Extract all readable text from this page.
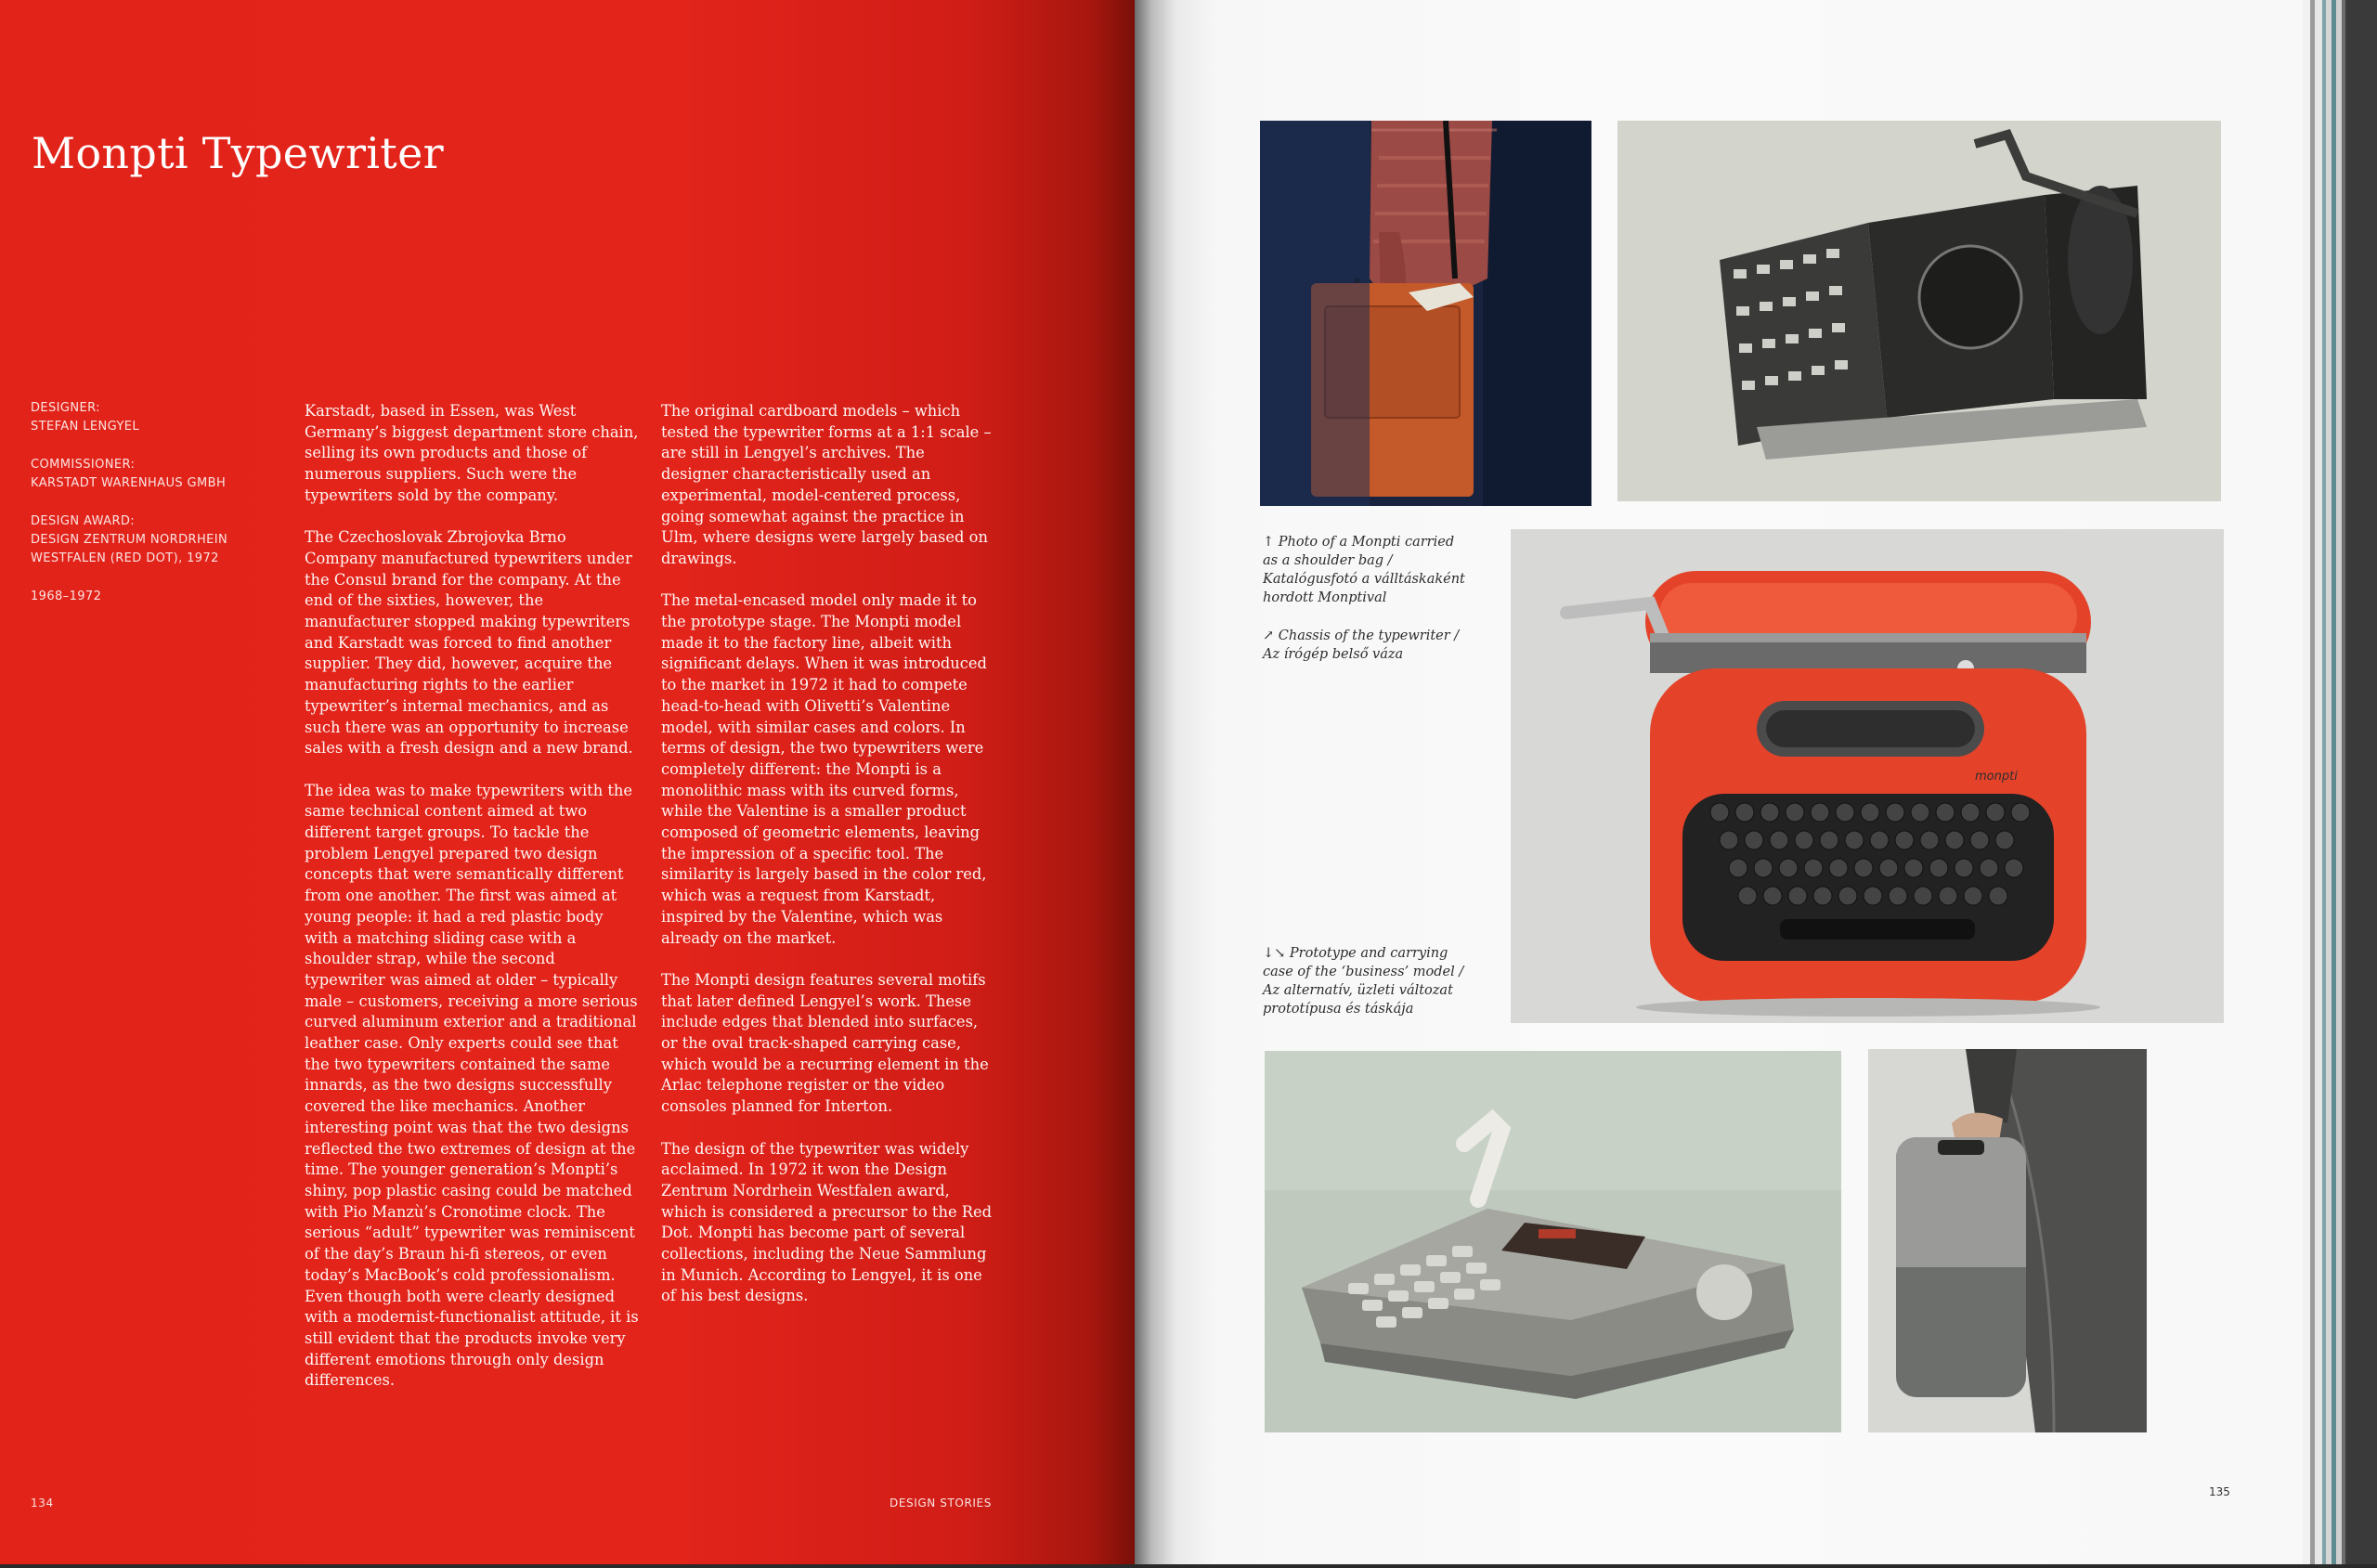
Monpti Typewriter
DESIGNER:
STEFAN LENGYEL
COMMISSIONER:
KARSTADT WARENHAUS GMBH
DESIGN AWARD:
DESIGN ZENTRUM NORDRHEIN WESTFALEN (RED DOT), 1972
1968–1972

Karstadt, based in Essen, was West Germany’s biggest department store chain, selling its own products and those of numerous suppliers. Such were the typewriters sold by the company.

The Czechoslovak Zbrojovka Brno Company manufactured typewriters under the Consul brand for the company. At the end of the sixties, however, the manufacturer stopped making typewriters and Karstadt was forced to find another supplier. They did, however, acquire the manufacturing rights to the earlier typewriter’s internal mechanics, and as such there was an opportunity to increase sales with a fresh design and a new brand.

The idea was to make typewriters with the same technical content aimed at two different target groups. To tackle the problem Lengyel prepared two design concepts that were semantically different from one another. The first was aimed at young people: it had a red plastic body with a matching sliding case with a shoulder strap, while the second typewriter was aimed at older – typically male – customers, receiving a more serious curved aluminum exterior and a traditional leather case. Only experts could see that the two typewriters contained the same innards, as the two designs successfully covered the like mechanics. Another interesting point was that the two designs reflected the two extremes of design at the time. The younger generation’s Monpti’s shiny, pop plastic casing could be matched with Pio Manzù’s Cronotime clock. The serious “adult” typewriter was reminiscent of the day’s Braun hi-fi stereos, or even today’s MacBook’s cold professionalism. Even though both were clearly designed with a modernist-functionalist attitude, it is still evident that the products invoke very different emotions through only design differences.

The original cardboard models – which tested the typewriter forms at a 1:1 scale – are still in Lengyel’s archives. The designer characteristically used an experimental, model-centered process, going somewhat against the practice in Ulm, where designs were largely based on drawings.

The metal-encased model only made it to the prototype stage. The Monpti model made it to the factory line, albeit with significant delays. When it was introduced to the market in 1972 it had to compete head-to-head with Olivetti’s Valentine model, with similar cases and colors. In terms of design, the two typewriters were completely different: the Monpti is a monolithic mass with its curved forms, while the Valentine is a smaller product composed of geometric elements, leaving the impression of a specific tool. The similarity is largely based in the color red, which was a request from Karstadt, inspired by the Valentine, which was already on the market.

The Monpti design features several motifs that later defined Lengyel’s work. These include edges that blended into surfaces, or the oval track-shaped carrying case, which would be a recurring element in the Arlac telephone register or the video consoles planned for Interton.

The design of the typewriter was widely acclaimed. In 1972 it won the Design Zentrum Nordrhein Westfalen award, which is considered a precursor to the Red Dot. Monpti has become part of several collections, including the Neue Sammlung in Munich. According to Lengyel, it is one of his best designs.

134	DESIGN STORIES
monpti
↑ Photo of a Monpti carried as a shoulder bag / Katalógusfotó a válltáskaként hordott Monptival
↗ Chassis of the typewriter / Az írógép belső váza
↓↘ Prototype and carrying case of the ‘business’ model / Az alternatív, üzleti változat prototípusa és táskája
135
